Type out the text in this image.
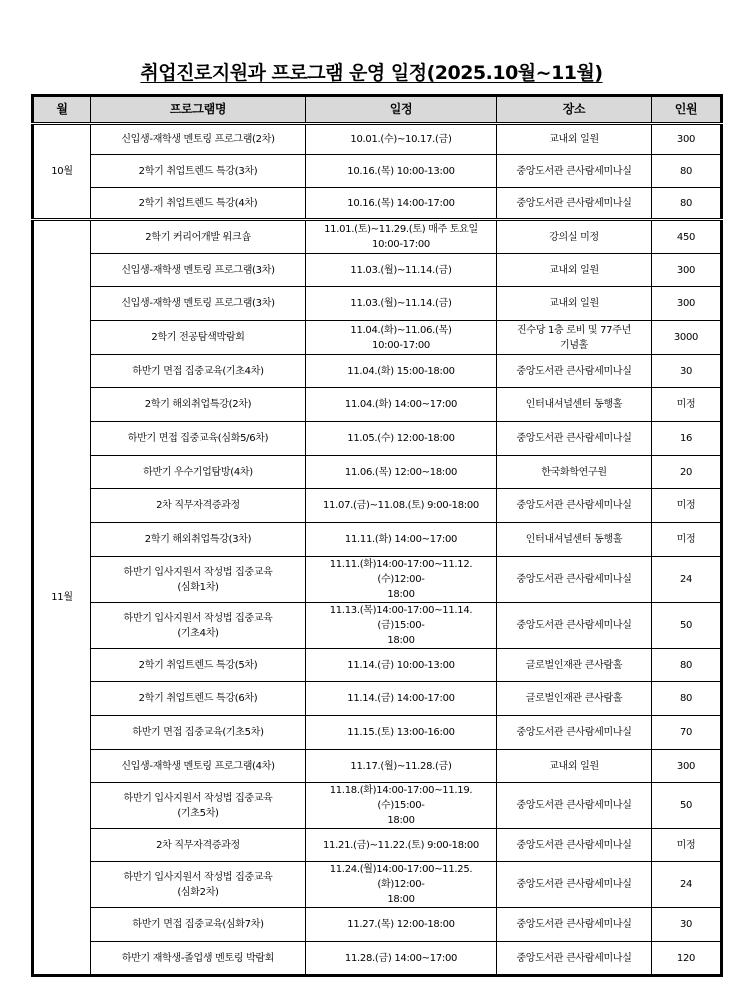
취업진로지원과 프로그램 운영 일정(2025.10월~11월)
월	프로그램명	일정	장소	인원
10월	신입생-재학생 멘토링 프로그램(2차)	10.01.(수)~10.17.(금)	교내외 일원	300
	2학기 취업트렌드 특강(3차)	10.16.(목) 10:00-13:00	중앙도서관 큰사람세미나실	80
	2학기 취업트렌드 특강(4차)	10.16.(목) 14:00-17:00	중앙도서관 큰사람세미나실	80
11월	2학기 커리어개발 워크숍	11.01.(토)~11.29.(토) 매주 토요일
10:00-17:00	강의실 미정	450
	신입생-재학생 멘토링 프로그램(3차)	11.03.(월)~11.14.(금)	교내외 일원	300
	신입생-재학생 멘토링 프로그램(3차)	11.03.(월)~11.14.(금)	교내외 일원	300
	2학기 전공탐색박람회	11.04.(화)~11.06.(목)
10:00-17:00	진수당 1층 로비 및 77주년
기념홀	3000
	하반기 면접 집중교육(기초4차)	11.04.(화) 15:00-18:00	중앙도서관 큰사람세미나실	30
	2학기 해외취업특강(2차)	11.04.(화) 14:00~17:00	인터내셔널센터 동행홀	미정
	하반기 면접 집중교육(심화5/6차)	11.05.(수) 12:00-18:00	중앙도서관 큰사람세미나실	16
	하반기 우수기업탐방(4차)	11.06.(목) 12:00~18:00	한국화학연구원	20
	2차 직무자격증과정	11.07.(금)~11.08.(토) 9:00-18:00	중앙도서관 큰사람세미나실	미정
	2학기 해외취업특강(3차)	11.11.(화) 14:00~17:00	인터내셔널센터 동행홀	미정
	하반기 입사지원서 작성법 집중교육
(심화1차)	11.11.(화)14:00-17:00~11.12.(수)12:00-
18:00	중앙도서관 큰사람세미나실	24
	하반기 입사지원서 작성법 집중교육
(기초4차)	11.13.(목)14:00-17:00~11.14.(금)15:00-
18:00	중앙도서관 큰사람세미나실	50
	2학기 취업트렌드 특강(5차)	11.14.(금) 10:00-13:00	글로벌인재관 큰사람홀	80
	2학기 취업트렌드 특강(6차)	11.14.(금) 14:00-17:00	글로벌인재관 큰사람홀	80
	하반기 면접 집중교육(기초5차)	11.15.(토) 13:00-16:00	중앙도서관 큰사람세미나실	70
	신입생-재학생 멘토링 프로그램(4차)	11.17.(월)~11.28.(금)	교내외 일원	300
	하반기 입사지원서 작성법 집중교육
(기초5차)	11.18.(화)14:00-17:00~11.19.(수)15:00-
18:00	중앙도서관 큰사람세미나실	50
	2차 직무자격증과정	11.21.(금)~11.22.(토) 9:00-18:00	중앙도서관 큰사람세미나실	미정
	하반기 입사지원서 작성법 집중교육
(심화2차)	11.24.(월)14:00-17:00~11.25.(화)12:00-
18:00	중앙도서관 큰사람세미나실	24
	하반기 면접 집중교육(심화7차)	11.27.(목) 12:00-18:00	중앙도서관 큰사람세미나실	30
	하반기 재학생-졸업생 멘토링 박람회	11.28.(금) 14:00~17:00	중앙도서관 큰사람세미나실	120
